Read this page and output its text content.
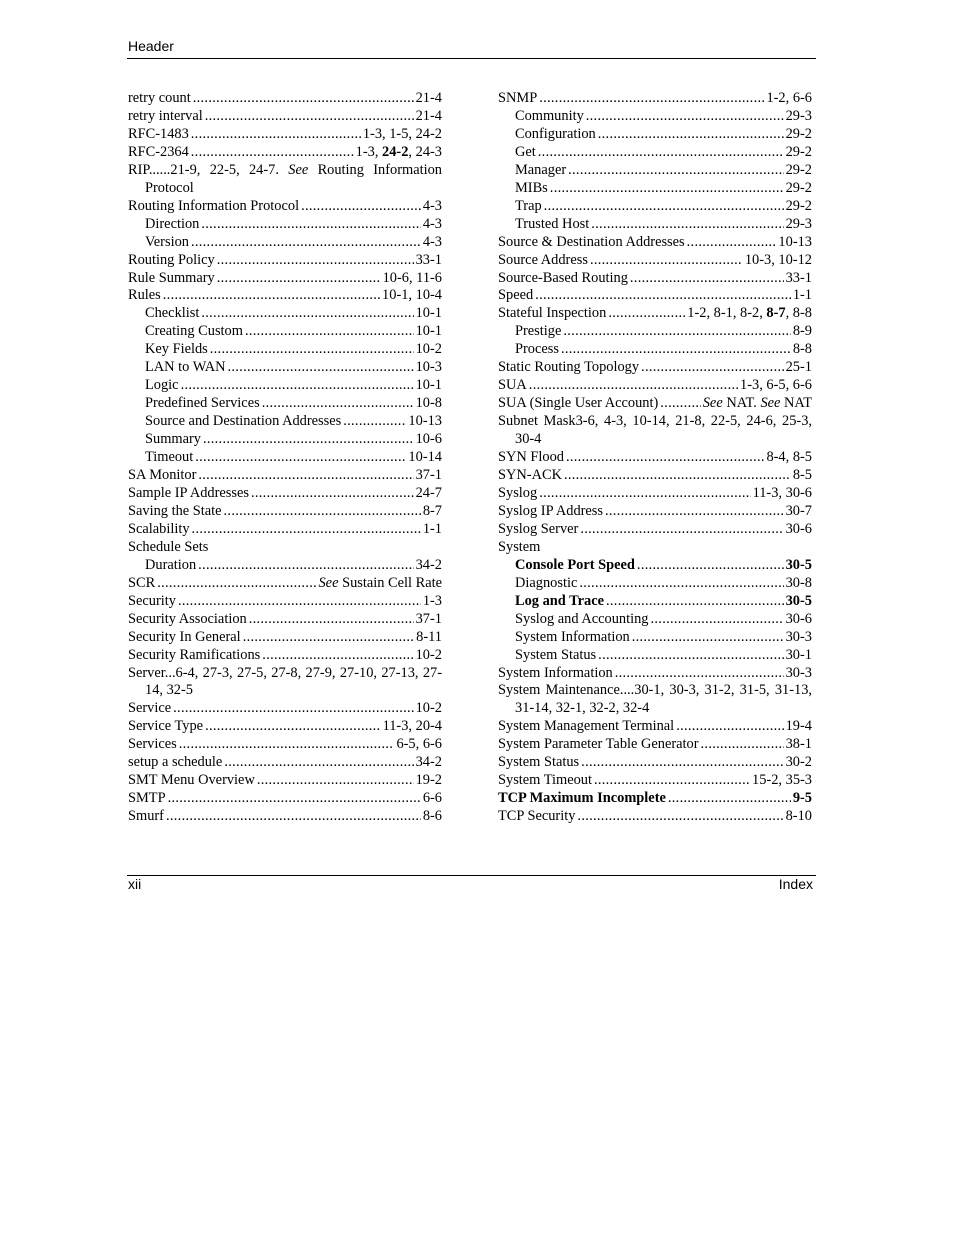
Header
retry count .....	21-4
retry interval .....	21-4
RFC-1483 .....	1-3, 1-5, 24-2
RFC-2364 .....	1-3, 24-2, 24-3
RIP......21-9, 22-5, 24-7. See Routing Information Protocol
Routing Information Protocol .....	4-3
Direction .....	4-3
Version .....	4-3
Routing Policy .....	33-1
Rule Summary .....	10-6, 11-6
Rules .....	10-1, 10-4
Checklist .....	10-1
Creating Custom .....	10-1
Key Fields .....	10-2
LAN to WAN .....	10-3
Logic .....	10-1
Predefined Services .....	10-8
Source and Destination Addresses .....	10-13
Summary .....	10-6
Timeout .....	10-14
SA Monitor .....	37-1
Sample IP Addresses .....	24-7
Saving the State .....	8-7
Scalability .....	1-1
Schedule Sets
Duration .....	34-2
SCR .....	See Sustain Cell Rate
Security .....	1-3
Security Association .....	37-1
Security In General .....	8-11
Security Ramifications .....	10-2
Server...6-4, 27-3, 27-5, 27-8, 27-9, 27-10, 27-13, 27-14, 32-5
Service .....	10-2
Service Type .....	11-3, 20-4
Services .....	6-5, 6-6
setup a schedule .....	34-2
SMT Menu Overview .....	19-2
SMTP .....	6-6
Smurf .....	8-6
SNMP .....	1-2, 6-6
Community .....	29-3
Configuration .....	29-2
Get .....	29-2
Manager .....	29-2
MIBs .....	29-2
Trap .....	29-2
Trusted Host .....	29-3
Source & Destination Addresses .....	10-13
Source Address .....	10-3, 10-12
Source-Based Routing .....	33-1
Speed .....	1-1
Stateful Inspection .....	1-2, 8-1, 8-2, 8-7, 8-8
Prestige .....	8-9
Process .....	8-8
Static Routing Topology .....	25-1
SUA .....	1-3, 6-5, 6-6
SUA (Single User Account) .....	See NAT. See NAT
Subnet Mask3-6, 4-3, 10-14, 21-8, 22-5, 24-6, 25-3, 30-4
SYN Flood .....	8-4, 8-5
SYN-ACK .....	8-5
Syslog .....	11-3, 30-6
Syslog IP Address .....	30-7
Syslog Server .....	30-6
System
Console Port Speed .....	30-5
Diagnostic .....	30-8
Log and Trace .....	30-5
Syslog and Accounting .....	30-6
System Information .....	30-3
System Status .....	30-1
System Information .....	30-3
System Maintenance....30-1, 30-3, 31-2, 31-5, 31-13, 31-14, 32-1, 32-2, 32-4
System Management Terminal .....	19-4
System Parameter Table Generator .....	38-1
System Status .....	30-2
System Timeout .....	15-2, 35-3
TCP Maximum Incomplete .....	9-5
TCP Security .....	8-10
xii	Index
